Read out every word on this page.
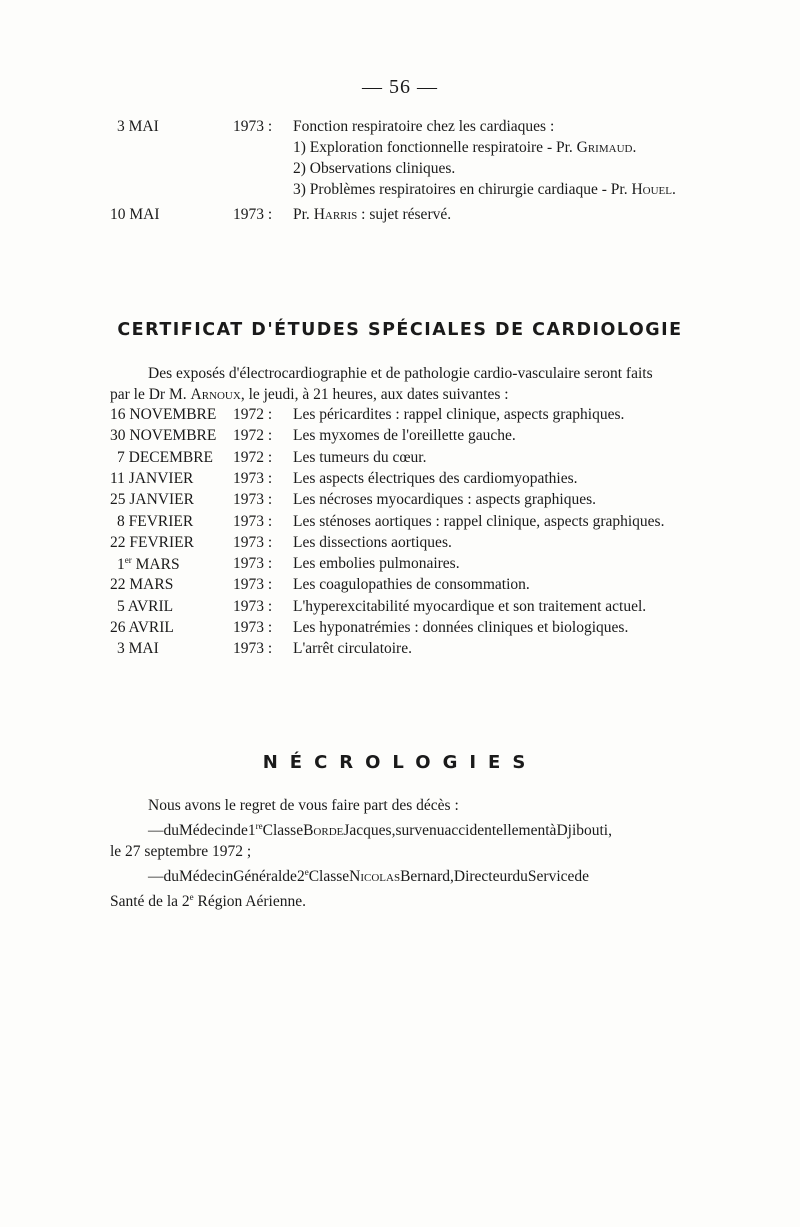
— 56 —
3 MAI	1973 : Fonction respiratoire chez les cardiaques :
1) Exploration fonctionnelle respiratoire - Pr. Grimaud.
2) Observations cliniques.
3) Problèmes respiratoires en chirurgie cardiaque - Pr. Houel.
10 MAI	1973 : Pr. Harris : sujet réservé.
CERTIFICAT D'ÉTUDES SPÉCIALES DE CARDIOLOGIE
Des exposés d'électrocardiographie et de pathologie cardio-vasculaire seront faits
par le Dr M. Arnoux, le jeudi, à 21 heures, aux dates suivantes :
16 NOVEMBRE 1972 : Les péricardites : rappel clinique, aspects graphiques.
30 NOVEMBRE 1972 : Les myxomes de l'oreillette gauche.
7 DECEMBRE 1972 : Les tumeurs du cœur.
11 JANVIER	1973 : Les aspects électriques des cardiomyopathies.
25 JANVIER	1973 : Les nécroses myocardiques : aspects graphiques.
8 FEVRIER	1973 : Les sténoses aortiques : rappel clinique, aspects graphiques.
22 FEVRIER	1973 : Les dissections aortiques.
1er MARS	1973 : Les embolies pulmonaires.
22 MARS	1973 : Les coagulopathies de consommation.
5 AVRIL	1973 : L'hyperexcitabilité myocardique et son traitement actuel.
26 AVRIL	1973 : Les hyponatrémies : données cliniques et biologiques.
3 MAI	1973 : L'arrêt circulatoire.
NÉCROLOGIES
Nous avons le regret de vous faire part des décès :
—duMédecinde1reClasseBordeJacques,survenuaccidentellementàDjibouti,
le 27 septembre 1972 ;
—duMédecinGénéralde2eClasseNicolasBernard,DirecteurduServicede
Santé de la 2e Région Aérienne.
